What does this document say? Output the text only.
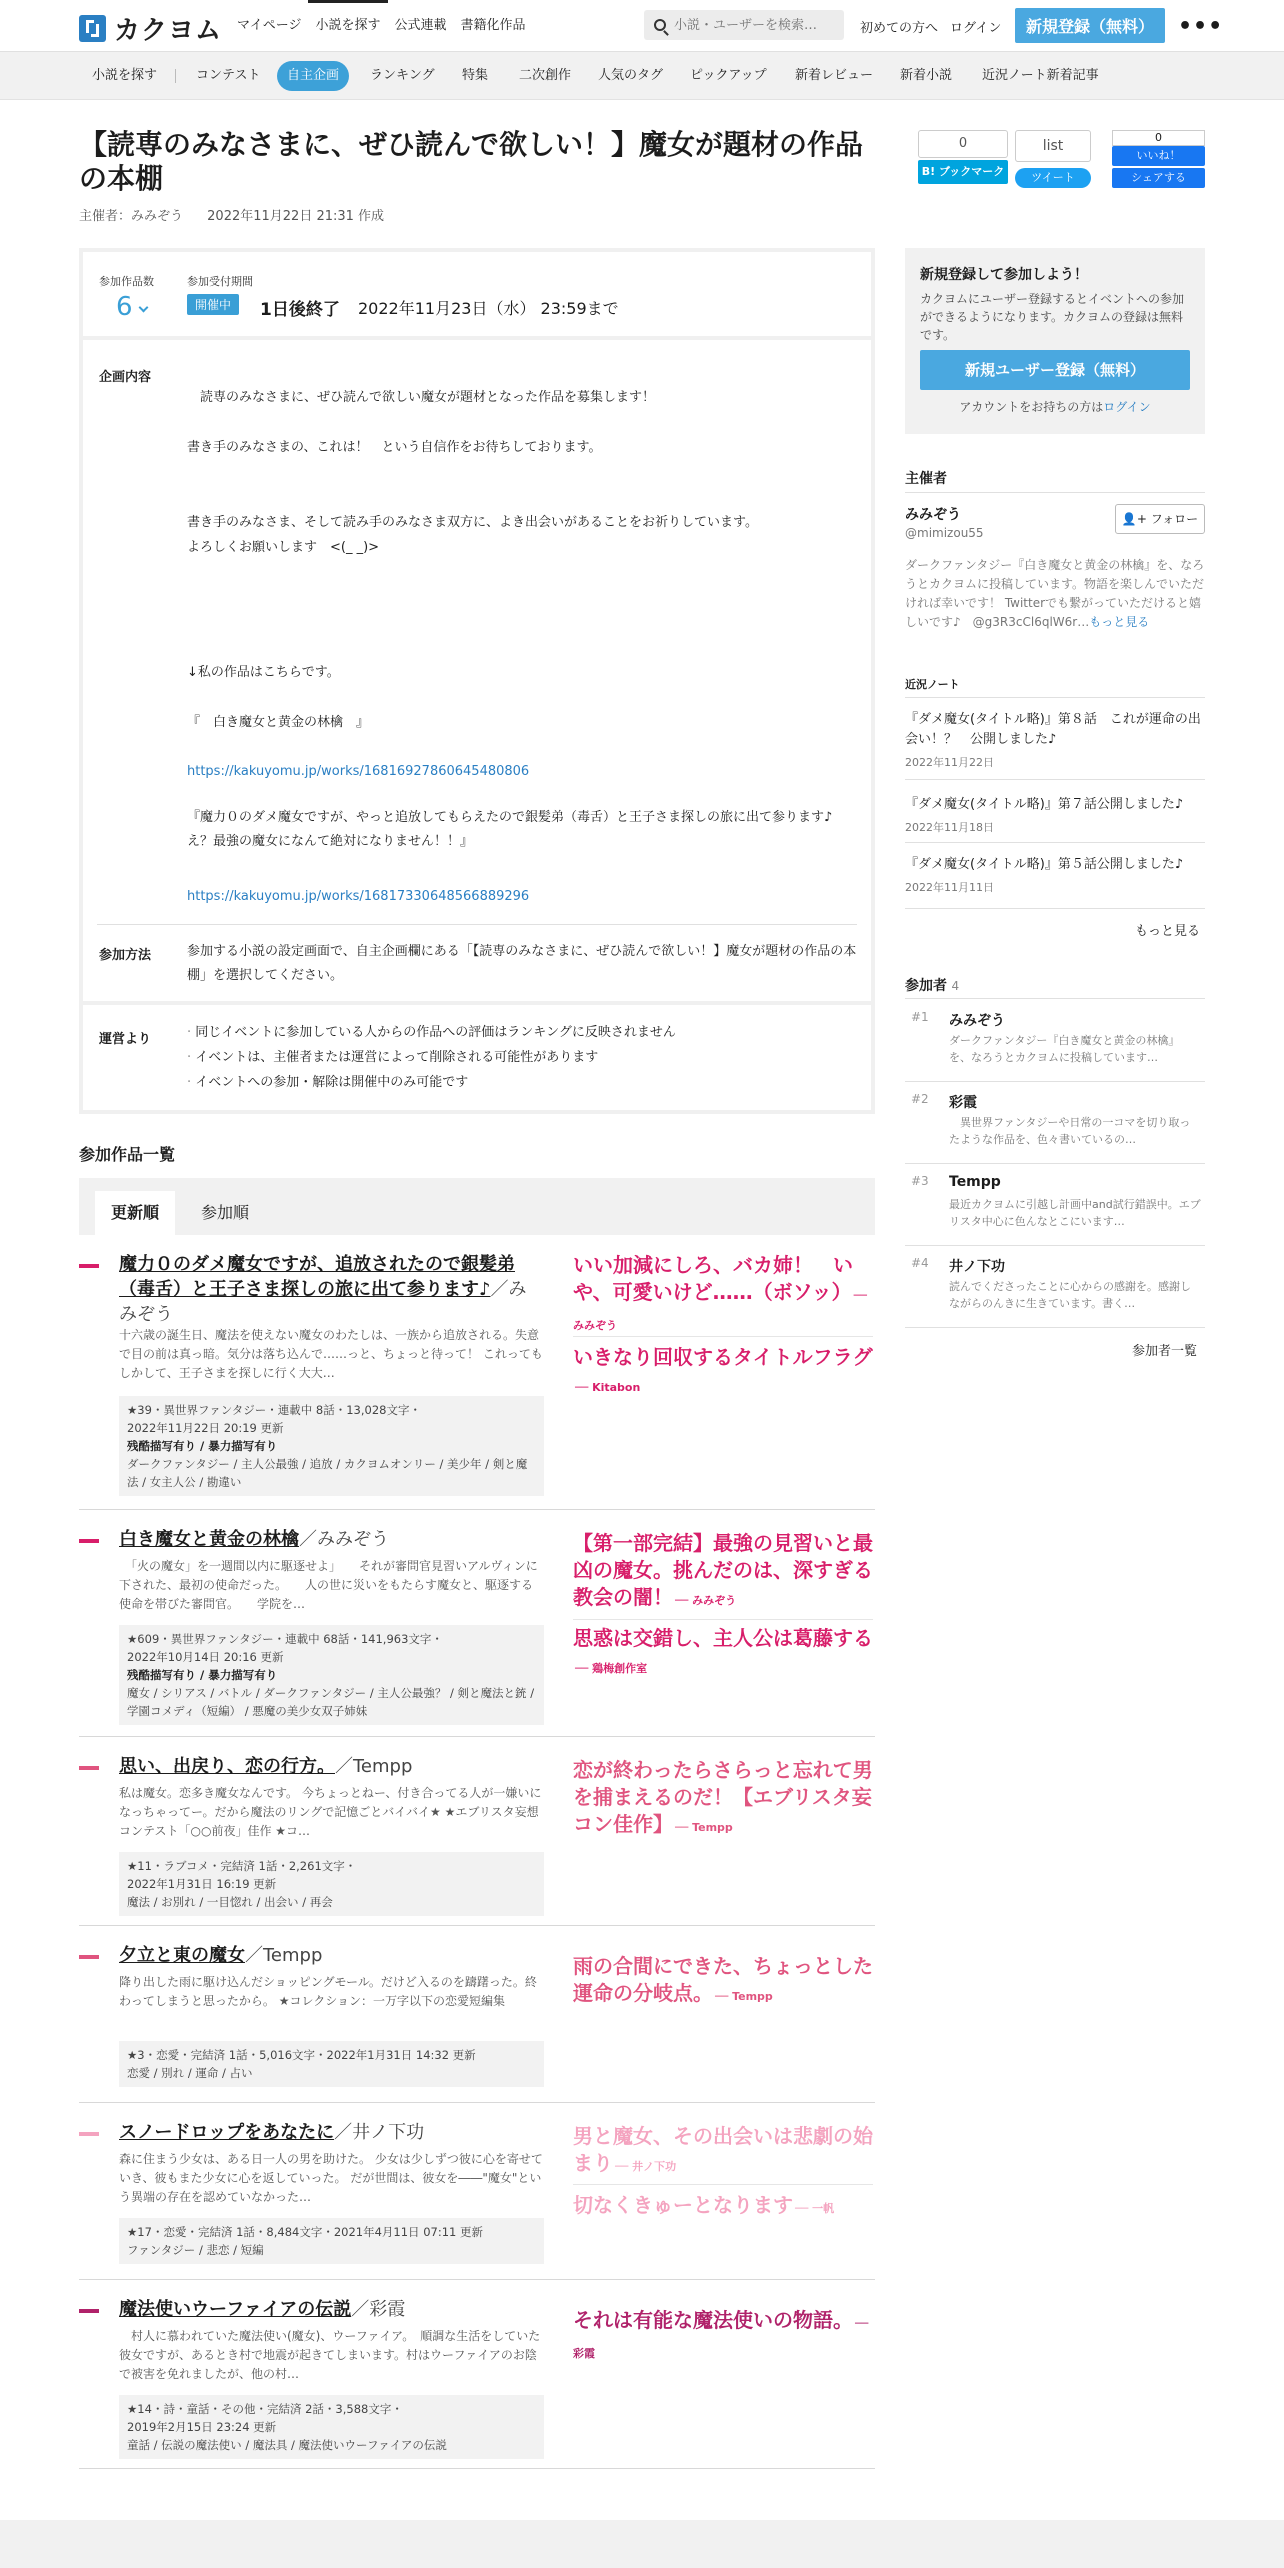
カクヨム	マイページ	小説を探す	公式連載	書籍化作品
小説・ユーザーを検索…	初めての方へ ログイン	新規登録（無料）	•••
小説を探す	コンテスト	自主企画	ランキング	特集	二次創作	人気のタグ	ピックアップ	新着レビュー	新着小説	近況ノート新着記事
【読専のみなさまに、ぜひ読んで欲しい！】魔女が題材の作品の本棚
主催者：みみぞう 2022年11月22日 21:31 作成
0
B! ブックマーク
list
ツイート
0
いいね！
シェアする
参加作品数
6
参加受付期間
開催中	1日後終了 2022年11月23日（水） 23:59まで
企画内容

　読専のみなさまに、ぜひ読んで欲しい魔女が題材となった作品を募集します！

書き手のみなさまの、これは！　という自信作をお待ちしております。

書き手のみなさま、そして読み手のみなさま双方に、よき出会いがあることをお祈りしています。

よろしくお願いします　<(_ _)>

↓私の作品はこちらです。

『　白き魔女と黄金の林檎　』

https://kakuyomu.jp/works/16816927860645480806

『魔力０のダメ魔女ですが、やっと追放してもらえたので銀髪弟（毒舌）と王子さま探しの旅に出て参ります♪　え？最強の魔女になんて絶対になりません！！』

https://kakuyomu.jp/works/16817330648566889296
参加方法	参加する小説の設定画面で、自主企画欄にある「【読専のみなさまに、ぜひ読んで欲しい！】魔女が題材の作品の本棚」を選択してください。

運営より
·	同じイベントに参加している人からの作品への評価はランキングに反映されません
· イベントは、主催者または運営によって削除される可能性があります
· イベントへの参加・解除は開催中のみ可能です
参加作品一覧
更新順	参加順
魔力０のダメ魔女ですが、追放されたので銀髪弟（毒舌）と王子さま探しの旅に出て参ります♪／みみぞう

十六歳の誕生日、魔法を使えない魔女のわたしは、一族から追放される。失意で目の前は真っ暗。気分は落ち込んで……っと、ちょっと待って！ これってもしかして、王子さまを探しに行く大大…

★39・異世界ファンタジー・連載中 8話・13,028文字・
2022年11月22日 20:19 更新
残酷描写有り / 暴力描写有り
ダークファンタジー / 主人公最強 / 追放 / カクヨムオンリー / 美少年 / 剣と魔法 / 女主人公 / 勘違い
いい加減にしろ、バカ姉！　いや、可愛いけど……（ボソッ） ── みみぞう
いきなり回収するタイトルフラグ── Kitabon
白き魔女と黄金の林檎／みみぞう

　「火の魔女」を一週間以内に駆逐せよ」　　それが審問官見習いアルヴィンに下された、最初の使命だった。　　人の世に災いをもたらす魔女と、駆逐する使命を帯びた審問官。　　学院を…

★609・異世界ファンタジー・連載中 68話・141,963文字・
2022年10月14日 20:16 更新
残酷描写有り / 暴力描写有り
魔女 / シリアス / バトル / ダークファンタジー / 主人公最強？ / 剣と魔法と銃 / 学園コメディ（短編） / 悪魔の美少女双子姉妹
【第一部完結】最強の見習いと最凶の魔女。挑んだのは、深すぎる教会の闇！ ── みみぞう
思惑は交錯し、主人公は葛藤する── 鶏梅創作室
思い、出戻り、恋の行方。／Tempp

私は魔女。恋多き魔女なんです。 今ちょっとねー、付き合ってる人が一嫌いになっちゃってー。だから魔法のリングで記憶ごとバイバイ★ ★エブリスタ妄想コンテスト「○○前夜」佳作 ★コ…

★11・ラブコメ・完結済 1話・2,261文字・
2022年1月31日 16:19 更新
魔法 / お別れ / 一目惚れ / 出会い / 再会
恋が終わったらさらっと忘れて男を捕まえるのだ！【エブリスタ妄コン佳作】 ── Tempp
夕立と東の魔女／Tempp

降り出した雨に駆け込んだショッピングモール。だけど入るのを躊躇った。終わってしまうと思ったから。 ★コレクション：一万字以下の恋愛短編集

★3・恋愛・完結済 1話・5,016文字・2022年1月31日 14:32 更新
恋愛 / 別れ / 運命 / 占い
雨の合間にできた、ちょっとした運命の分岐点。 ── Tempp
スノードロップをあなたに／井ノ下功

森に住まう少女は、ある日一人の男を助けた。 少女は少しずつ彼に心を寄せていき、彼もまた少女に心を返していった。 だが世間は、彼女を――"魔女"という異端の存在を認めていなかった…

★17・恋愛・完結済 1話・8,484文字・2021年4月11日 07:11 更新
ファンタジー / 悲恋 / 短編
男と魔女、その出会いは悲劇の始まり ── 井ノ下功
切なくきゅーとなります ── 一帆
魔法使いウーファイアの伝説／彩霞

　村人に慕われていた魔法使い(魔女)、ウーファイア。　順調な生活をしていた彼女ですが、あるとき村で地震が起きてしまいます。村はウーファイアのお陰で被害を免れましたが、他の村…

★14・詩・童話・その他・完結済 2話・3,588文字・
2019年2月15日 23:24 更新
童話 / 伝説の魔法使い / 魔法具 / 魔法使いウーファイアの伝説
それは有能な魔法使いの物語。 ── 彩霞
新規登録して参加しよう！

カクヨムにユーザー登録するとイベントへの参加ができるようになります。カクヨムの登録は無料です。

新規ユーザー登録（無料）
アカウントをお持ちの方はログイン
主催者
みみぞう
@mimizou55
👤+ フォロー

ダークファンタジー『白き魔女と黄金の林檎』を、なろうとカクヨムに投稿しています。物語を楽しんでいただければ幸いです！ Twitterでも繋がっていただけると嬉しいです♪　@g3R3cCl6qlW6r…もっと見る

近況ノート
『ダメ魔女(タイトル略)』第８話　これが運命の出会い！？　公開しました♪
2022年11月22日
『ダメ魔女(タイトル略)』第７話公開しました♪
2022年11月18日
『ダメ魔女(タイトル略)』第５話公開しました♪
2022年11月11日
もっと見る
参加者 4
#1 みみぞう
ダークファンタジー『白き魔女と黄金の林檎』を、なろうとカクヨムに投稿しています…
#2 彩霞
　異世界ファンタジーや日常の一コマを切り取ったような作品を、色々書いているの…
#3 Tempp
最近カクヨムに引越し計画中and試行錯誤中。エブリスタ中心に色んなとこにいます…
#4 井ノ下功
読んでくださったことに心からの感謝を。感謝しながらのんきに生きています。書く…
参加者一覧
